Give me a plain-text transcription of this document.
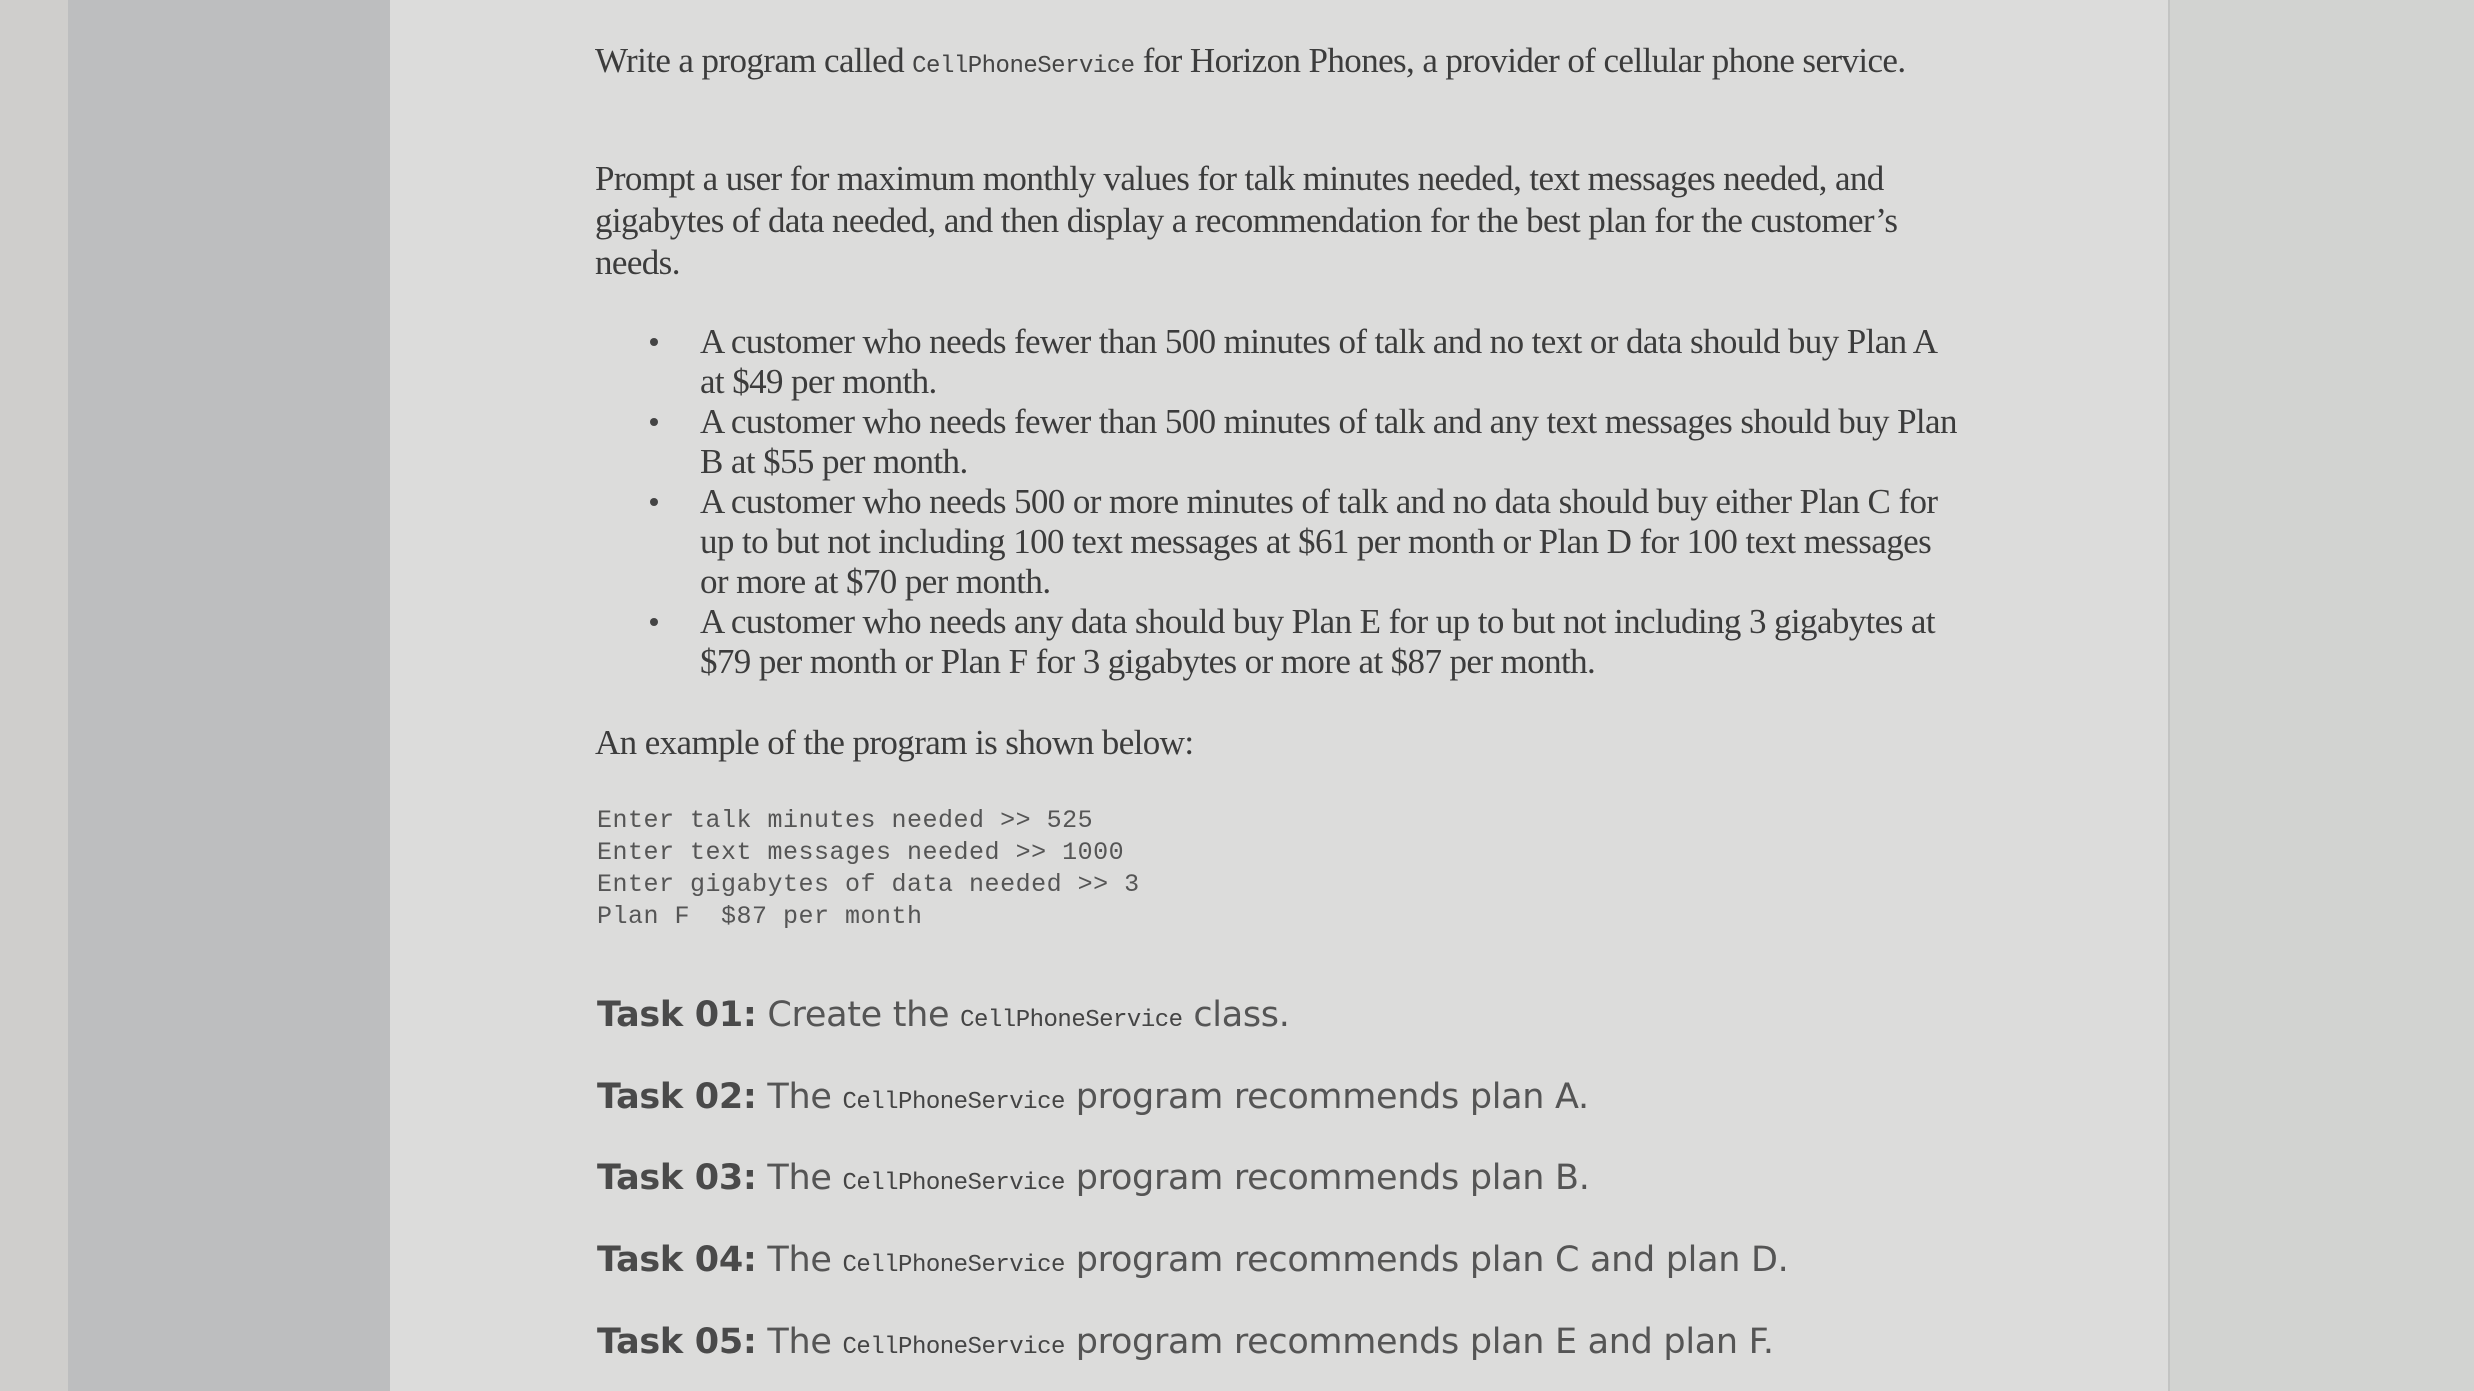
Write a program called CellPhoneService for Horizon Phones, a provider of cellular phone service.

Prompt a user for maximum monthly values for talk minutes needed, text messages needed, and gigabytes of data needed, and then display a recommendation for the best plan for the customer’s needs.

A customer who needs fewer than 500 minutes of talk and no text or data should buy Plan A at $49 per month.
A customer who needs fewer than 500 minutes of talk and any text messages should buy Plan B at $55 per month.
A customer who needs 500 or more minutes of talk and no data should buy either Plan C for up to but not including 100 text messages at $61 per month or Plan D for 100 text messages or more at $70 per month.
A customer who needs any data should buy Plan E for up to but not including 3 gigabytes at $79 per month or Plan F for 3 gigabytes or more at $87 per month.

An example of the program is shown below:

Enter talk minutes needed >> 525
Enter text messages needed >> 1000
Enter gigabytes of data needed >> 3
Plan F  $87 per month
Task 01: Create the CellPhoneService class.
Task 02: The CellPhoneService program recommends plan A.
Task 03: The CellPhoneService program recommends plan B.
Task 04: The CellPhoneService program recommends plan C and plan D.
Task 05: The CellPhoneService program recommends plan E and plan F.
